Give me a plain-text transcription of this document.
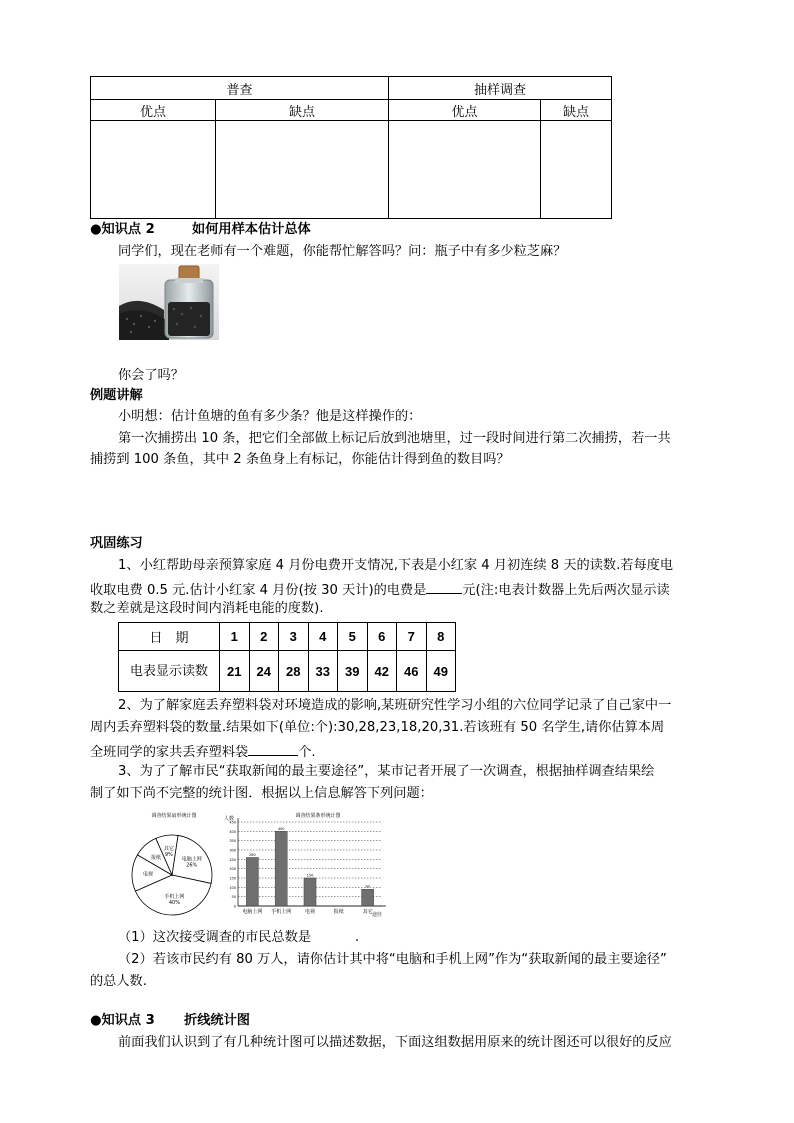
普查		抽样调查	
优点	缺点	优点	缺点

●知识点 2	如何用样本估计总体
同学们，现在老师有一个难题，你能帮忙解答吗？问：瓶子中有多少粒芝麻？
你会了吗？
例题讲解
小明想：估计鱼塘的鱼有多少条？他是这样操作的：
第一次捕捞出 10 条，把它们全部做上标记后放到池塘里，过一段时间进行第二次捕捞，若一共
捕捞到 100 条鱼，其中 2 条鱼身上有标记，你能估计得到鱼的数目吗？
巩固练习
1、小红帮助母亲预算家庭 4 月份电费开支情况,下表是小红家 4 月初连续 8 天的读数.若每度电
收取电费 0.5 元.估计小红家 4 月份(按 30 天计)的电费是	元(注:电表计数器上先后两次显示读
数之差就是这段时间内消耗电能的度数).
日　期	1	2	3	4	5	6	7	8
电表显示读数	21	24	28	33	39	42	46	49
2、为了解家庭丢弃塑料袋对环境造成的影响,某班研究性学习小组的六位同学记录了自己家中一
周内丢弃塑料袋的数量.结果如下(单位:个):30,28,23,18,20,31.若该班有 50 名学生,请你估算本周
全班同学的家共丢弃塑料袋	个.
3、为了了解市民“获取新闻的最主要途径”，某市记者开展了一次调查，根据抽样调查结果绘
制了如下尚不完整的统计图．根据以上信息解答下列问题：
调查结果扇形统计图
电脑上网
26%
手机上网
40%
电视
报纸
其它
9%
调查结果条形统计图
人数
途径
0
50
100
150
200
250
300
350
400
450
260
400
150
90
电脑上网 手机上网	电视	报纸	其它
（1）这次接受调查的市民总数是	.
（2）若该市民约有 80 万人，请你估计其中将“电脑和手机上网”作为“获取新闻的最主要途径”
的总人数.
●知识点 3 折线统计图
前面我们认识到了有几种统计图可以描述数据，下面这组数据用原来的统计图还可以很好的反应
